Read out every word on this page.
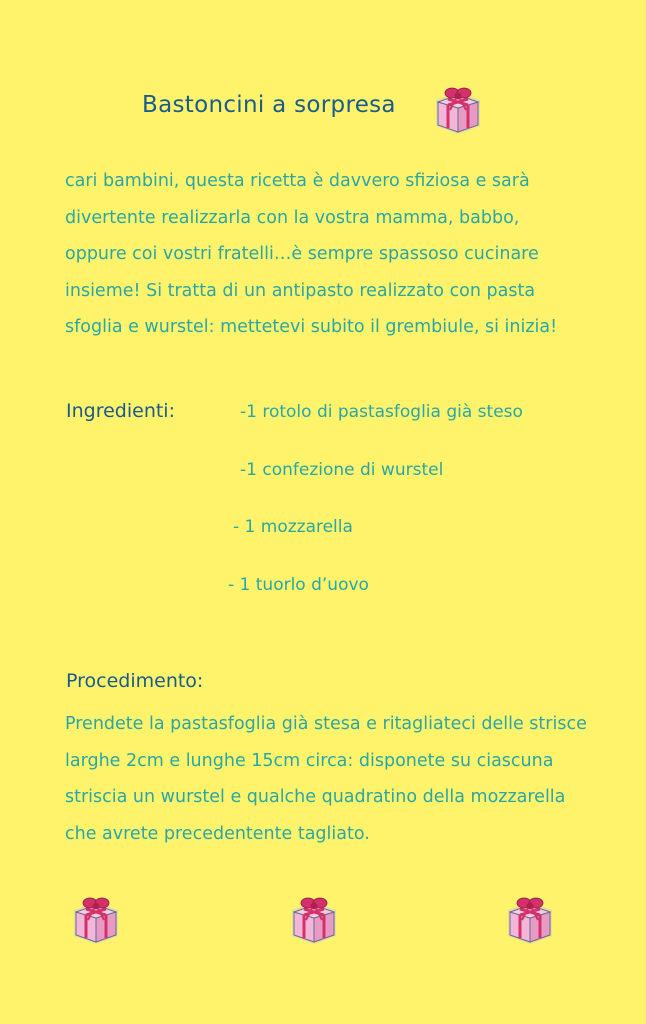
Bastoncini a sorpresa
cari bambini, questa ricetta è davvero sfiziosa e sarà
divertente realizzarla con la vostra mamma, babbo,
oppure coi vostri fratelli…è sempre spassoso cucinare
insieme! Si tratta di un antipasto realizzato con pasta
sfoglia e wurstel: mettetevi subito il grembiule, si inizia!
Ingredienti:	-1 rotolo di pastasfoglia già steso
-1 confezione di wurstel
- 1 mozzarella
- 1 tuorlo d’uovo
Procedimento:
Prendete la pastasfoglia già stesa e ritagliateci delle strisce
larghe 2cm e lunghe 15cm circa: disponete su ciascuna
striscia un wurstel e qualche quadratino della mozzarella
che avrete precedentente tagliato.
